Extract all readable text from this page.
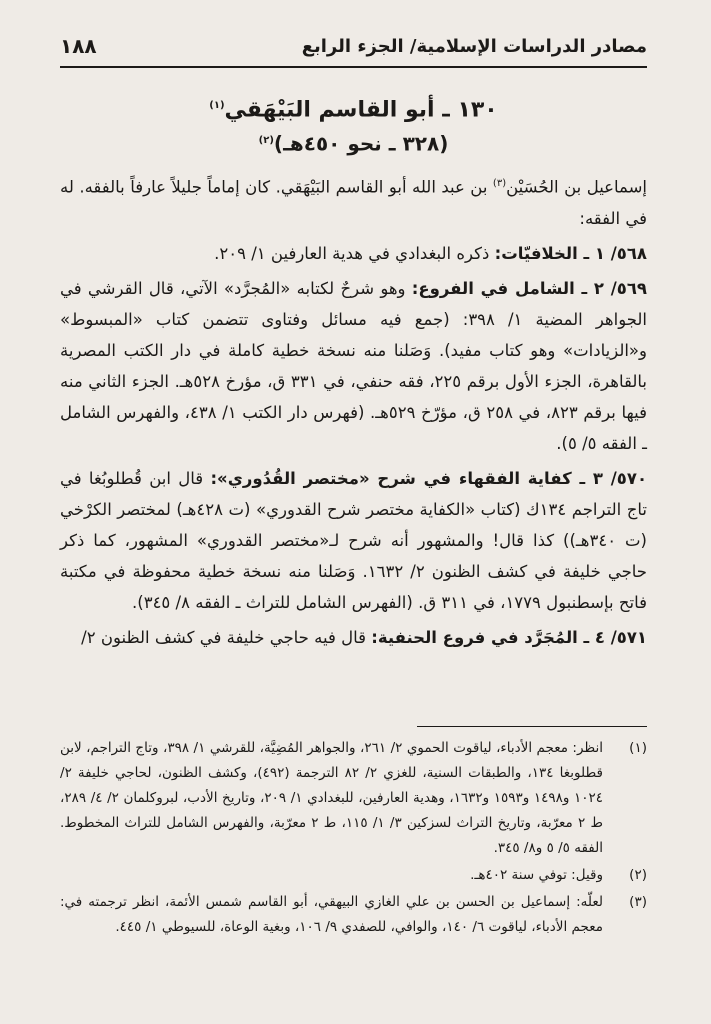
١٨٨	مصادر الدراسات الإسلامية/ الجزء الرابع
١٣٠ ـ أبو القاسم البَيْهَقي$^{(١)}$
(٣٢٨ ـ نحو ٤٥٠هـ)$^{(٢)}$

إسماعيل بن الحُسَيْن$^{(٣)}$ بن عبد الله أبو القاسم البَيْهَقي. كان إماماً جليلاً عارفاً بالفقه. له في الفقه:

٥٦٨/ ١ ـ الخلافيّات: ذكره البغدادي في هدية العارفين ١/ ٢٠٩.

٥٦٩/ ٢ ـ الشامل في الفروع: وهو شرحٌ لكتابه «المُجرَّد» الآتي، قال القرشي في الجواهر المضية ١/ ٣٩٨: (جمع فيه مسائل وفتاوى تتضمن كتاب «المبسوط» و«الزيادات» وهو كتاب مفيد). وَصَلنا منه نسخة خطية كاملة في دار الكتب المصرية بالقاهرة، الجزء الأول برقم ٢٢٥، فقه حنفي، في ٣٣١ ق، مؤرخ ٥٢٨هـ. الجزء الثاني منه فيها برقم ٨٢٣، في ٢٥٨ ق، مؤرّخ ٥٢٩هـ. (فهرس دار الكتب ١/ ٤٣٨، والفهرس الشامل ـ الفقه ٥/ ٥).

٥٧٠/ ٣ ـ كفاية الفقهاء في شرح «مختصر القُدُوري»: قال ابن قُطلوبُغا في تاج التراجم ١٣٤ك (كتاب «الكفاية مختصر شرح القدوري» (ت ٤٢٨هـ) لمختصر الكرْخي (ت ٣٤٠هـ)) كذا قال! والمشهور أنه شرح لـ«مختصر القدوري» المشهور، كما ذكر حاجي خليفة في كشف الظنون ٢/ ١٦٣٢. وَصَلنا منه نسخة خطية محفوظة في مكتبة فاتح بإسطنبول ١٧٧٩، في ٣١١ ق. (الفهرس الشامل للتراث ـ الفقه ٨/ ٣٤٥).

٥٧١/ ٤ ـ المُجَرَّد في فروع الحنفية: قال فيه حاجي خليفة في كشف الظنون ٢/

(١)
انظر: معجم الأدباء، لياقوت الحموي ٢/ ٢٦١، والجواهر المُضِيَّة، للقرشي ١/ ٣٩٨، وتاج التراجم، لابن قطلوبغا ١٣٤، والطبقات السنية، للغزي ٢/ ٨٢ الترجمة (٤٩٢)، وكشف الظنون، لحاجي خليفة ٢/ ١٠٢٤ و١٤٩٨ و١٥٩٣ و١٦٣٢، وهدية العارفين، للبغدادي ١/ ٢٠٩، وتاريخ الأدب، لبروكلمان ٢/ ٤/ ٢٨٩، ط ٢ معرّبة، وتاريخ التراث لسزكين ٣/ ١/ ١١٥، ط ٢ معرّبة، والفهرس الشامل للتراث المخطوط. الفقه ٥/ ٥ و٨/ ٣٤٥.
(٢)
وقيل: توفي سنة ٤٠٢هـ.
(٣)
لعلّه: إسماعيل بن الحسن بن علي الغازي البيهقي، أبو القاسم شمس الأئمة، انظر ترجمته في: معجم الأدباء، لياقوت ٦/ ١٤٠، والوافي، للصفدي ٩/ ١٠٦، وبغية الوعاة، للسيوطي ١/ ٤٤٥.
